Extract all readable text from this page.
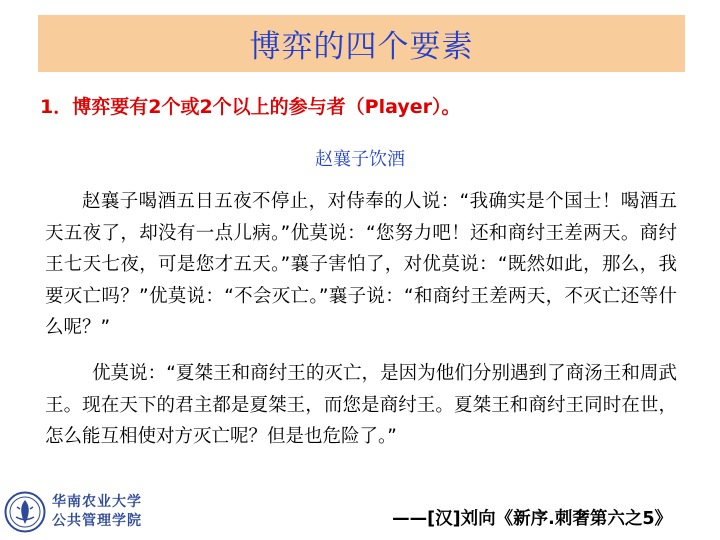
博弈的四个要素
1．博弈要有2个或2个以上的参与者（Player）。
赵襄子饮酒
赵襄子喝酒五日五夜不停止，对侍奉的人说：“我确实是个国士！喝酒五天五夜了，却没有一点儿病。”优莫说：“您努力吧！还和商纣王差两天。商纣王七天七夜，可是您才五天。”襄子害怕了，对优莫说：“既然如此，那么，我要灭亡吗？”优莫说：“不会灭亡。”襄子说：“和商纣王差两天，不灭亡还等什么呢？”
优莫说：“夏桀王和商纣王的灭亡，是因为他们分别遇到了商汤王和周武王。现在天下的君主都是夏桀王，而您是商纣王。夏桀王和商纣王同时在世，怎么能互相使对方灭亡呢？但是也危险了。”
——[汉]刘向《新序.刺奢第六之5》
华南农业大学
公共管理学院
